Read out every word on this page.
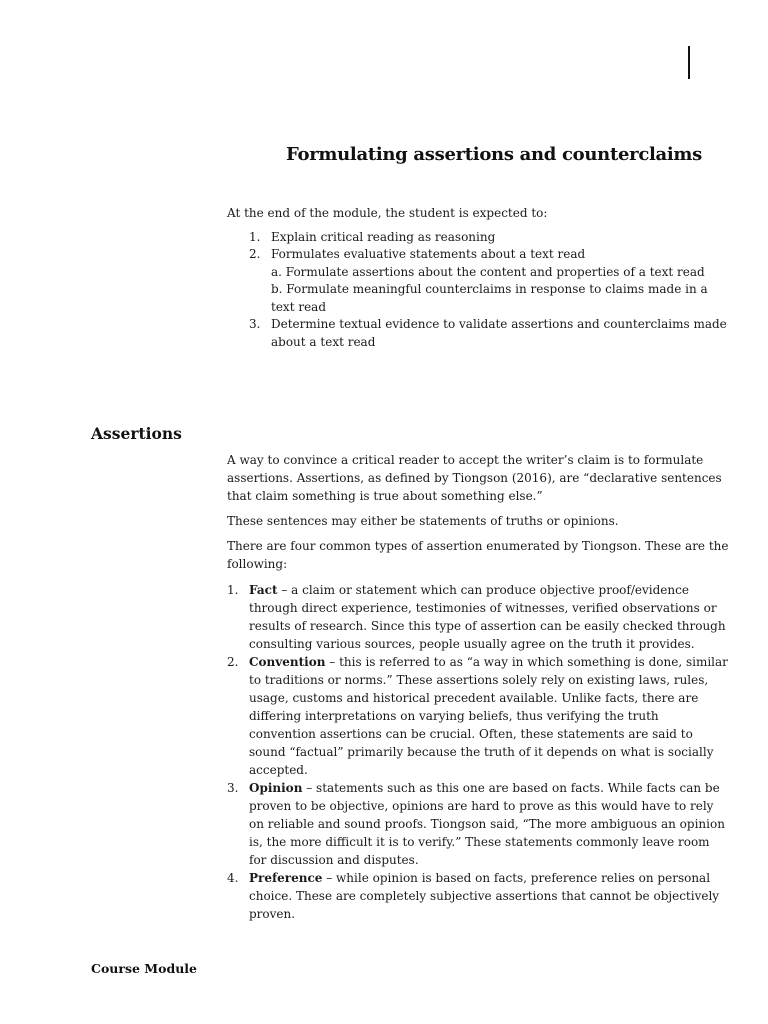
Formulating assertions and counterclaims

At the end of the module, the student is expected to:

1. Explain critical reading as reasoning
2. Formulates evaluative statements about a text read
a. Formulate assertions about the content and properties of a text read
b. Formulate meaningful counterclaims in response to claims made in a text read
3. Determine textual evidence to validate assertions and counterclaims made about a text read
Assertions

A way to convince a critical reader to accept the writer’s claim is to formulate assertions. Assertions, as defined by Tiongson (2016), are “declarative sentences that claim something is true about something else.”

These sentences may either be statements of truths or opinions.

There are four common types of assertion enumerated by Tiongson. These are the following:

1. Fact – a claim or statement which can produce objective proof/evidence through direct experience, testimonies of witnesses, verified observations or results of research. Since this type of assertion can be easily checked through consulting various sources, people usually agree on the truth it provides.
2. Convention – this is referred to as “a way in which something is done, similar to traditions or norms.” These assertions solely rely on existing laws, rules, usage, customs and historical precedent available. Unlike facts, there are differing interpretations on varying beliefs, thus verifying the truth convention assertions can be crucial. Often, these statements are said to sound “factual” primarily because the truth of it depends on what is socially accepted.
3. Opinion – statements such as this one are based on facts. While facts can be proven to be objective, opinions are hard to prove as this would have to rely on reliable and sound proofs. Tiongson said, “The more ambiguous an opinion is, the more difficult it is to verify.” These statements commonly leave room for discussion and disputes.
4. Preference – while opinion is based on facts, preference relies on personal choice. These are completely subjective assertions that cannot be objectively proven.

Course Module
